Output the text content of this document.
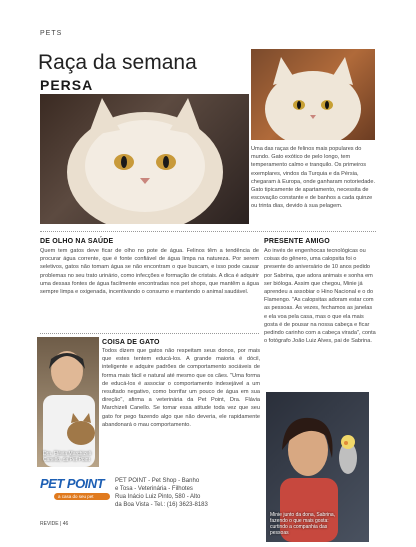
PETS
Raça da semana
PERSA
Uma das raças de felinos mais populares do mundo. Gato exótico de pelo longo, tem temperamento calmo e tranquilo. Os primeiros exemplares, vindos da Turquia e da Pérsia, chegaram à Europa, onde ganharam notoriedade. Gato tipicamente de apartamento, necessita de escovação constante e de banhos a cada quinze ou trinta dias, devido à sua pelagem.
DE OLHO NA SAÚDE
Quem tem gatos deve ficar de olho no pote de água. Felinos têm a tendência de procurar água corrente, que é fonte confiável de água limpa na natureza. Por serem seletivos, gatos não tomam água se não encontram o que buscam, e isso pode causar problemas no seu trato urinário, como infecções e formação de cristais. A dica é adquirir uma dessas fontes de água facilmente encontradas nos pet shops, que mantêm a água sempre limpa e oxigenada, incentivando o consumo e mantendo o animal saudável.
PRESENTE AMIGO
Ao invés de engenhocas tecnológicas ou coisas do gênero, uma calopsita foi o presente do aniversário de 10 anos pedido por Sabrina, que adora animais e sonha em ser bióloga. Assim que chegou, Minie já aprendeu a assobiar o Hino Nacional e o do Flamengo. "As calopsitas adoram estar com as pessoas. Às vezes, fechamos as janelas e ela voa pela casa, mas o que ela mais gosta é de pousar na nossa cabeça e ficar pedindo carinho com a cabeça virada", conta o fotógrafo João Luiz Alves, pai de Sabrina.
Dra. Flávia Marchizeli Canello, da Pet Point
COISA DE GATO
Todos dizem que gatos não respeitam seus donos, por mais que estes tentem educá-los. A grande maioria é dócil, inteligente e adquire padrões de comportamento sociáveis de forma mais fácil e natural até mesmo que os cães. "Uma forma de educá-los é associar o comportamento indesejável a um resultado negativo, como borrifar um pouco de água em sua direção", afirma a veterinária da Pet Point, Dra. Flávia Marchizeli Canello. Se tomar essa atitude toda vez que seu gato for pego fazendo algo que não deveria, ele rapidamente abandonará o mau comportamento.
Minie junto da dona, Sabrina, fazendo o que mais gosta: curtindo a companhia das pessoas
PET POINT
a casa do seu pet
PET POINT - Pet Shop - Banho
e Tosa - Veterinária - Filhotes
Rua Inácio Luiz Pinto, 580 - Alto
da Boa Vista - Tel.: (16) 3623-8183
REVIDE | 46
